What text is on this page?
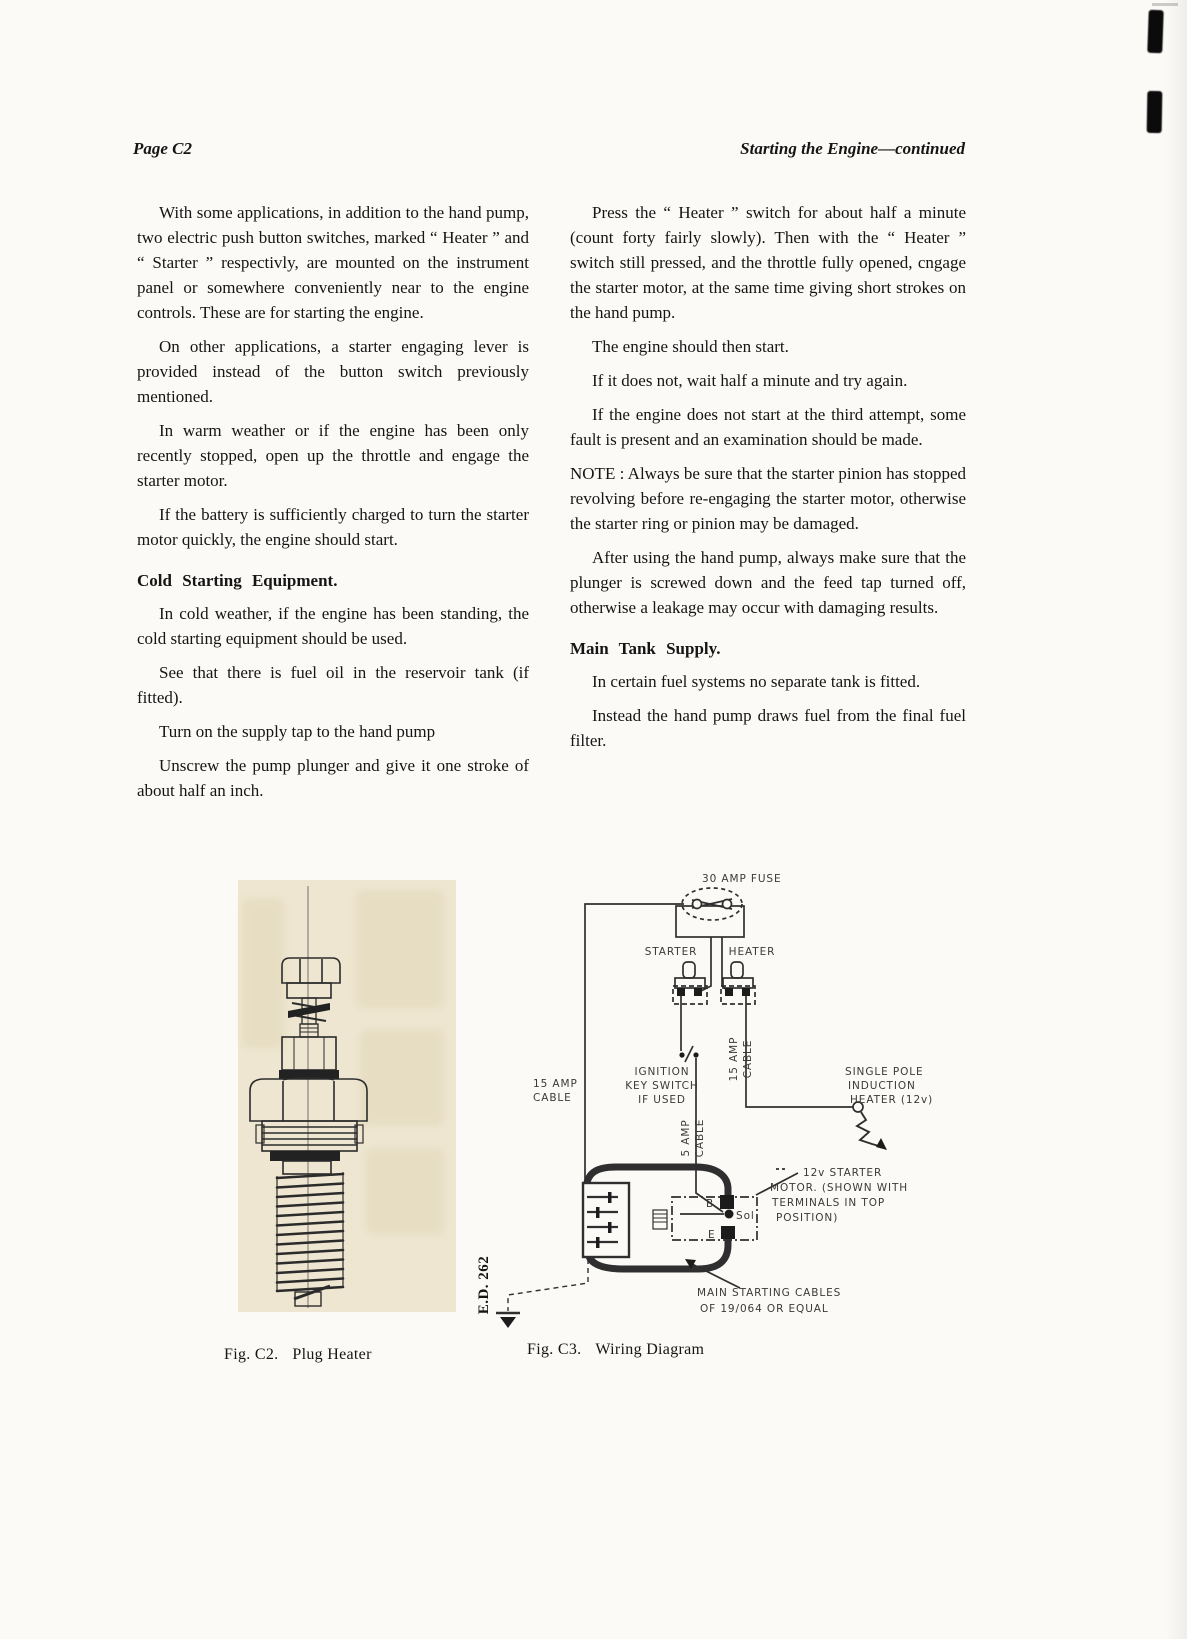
Page C2	Starting the Engine—continued

With some applications, in addition to the hand pump, two electric push button switches, marked “ Heater ” and “ Starter ” respectivly, are mounted on the instrument panel or somewhere conveniently near to the engine controls. These are for starting the engine.

On other applications, a starter engaging lever is provided instead of the button switch previously mentioned.

In warm weather or if the engine has been only recently stopped, open up the throttle and engage the starter motor.

If the battery is sufficiently charged to turn the starter motor quickly, the engine should start.

Cold Starting Equipment.

In cold weather, if the engine has been standing, the cold starting equipment should be used.

See that there is fuel oil in the reservoir tank (if fitted).

Turn on the supply tap to the hand pump

Unscrew the pump plunger and give it one stroke of about half an inch.

Press the “ Heater ” switch for about half a minute (count forty fairly slowly). Then with the “ Heater ” switch still pressed, and the throttle fully opened, cngage the starter motor, at the same time giving short strokes on the hand pump.

The engine should then start.

If it does not, wait half a minute and try again.

If the engine does not start at the third attempt, some fault is present and an examination should be made.

NOTE : Always be sure that the starter pinion has stopped revolving before re-engaging the starter motor, otherwise the starter ring or pinion may be damaged.

After using the hand pump, always make sure that the plunger is screwed down and the feed tap turned off, otherwise a leakage may occur with damaging results.

Main Tank Supply.

In certain fuel systems no separate tank is fitted.

Instead the hand pump draws fuel from the final fuel filter.

30 AMP FUSE
STARTER	HEATER
15 AMP
CABLE
IGNITION
KEY SWITCH
IF USED
5 AMP CABLE
15 AMP CABLE	SINGLE POLE
INDUCTION
HEATER (12v)
B
Sol
E
12v STARTER
MOTOR. (SHOWN WITH
TERMINALS IN TOP
POSITION)
MAIN STARTING CABLES
OF 19/064 OR EQUAL
E.D. 262
Fig. C2. Plug Heater	Fig. C3. Wiring Diagram
